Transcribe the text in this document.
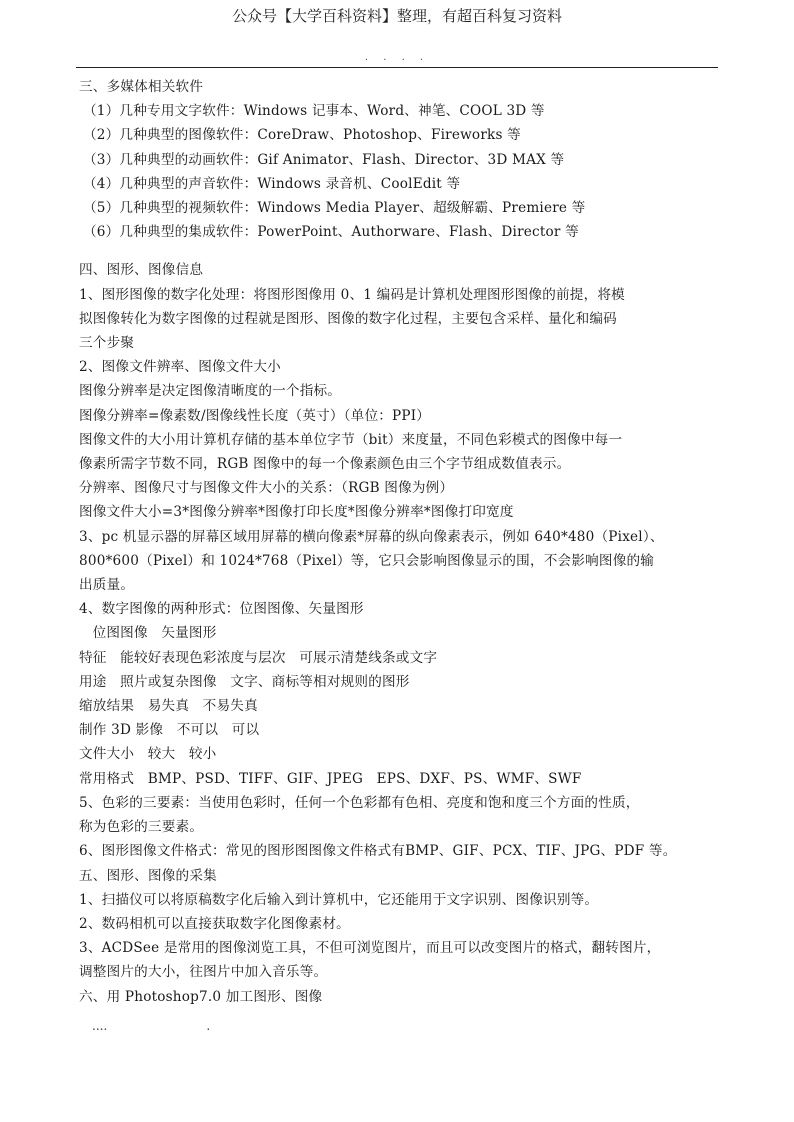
公众号【大学百科资料】整理，有超百科复习资料
. . . .

三、多媒体相关软件

（1）几种专用文字软件：Windows 记事本、Word、神笔、COOL 3D 等

（2）几种典型的图像软件：CoreDraw、Photoshop、Fireworks 等

（3）几种典型的动画软件：Gif Animator、Flash、Director、3D MAX 等

（4）几种典型的声音软件：Windows 录音机、CoolEdit 等

（5）几种典型的视频软件：Windows Media Player、超级解霸、Premiere 等

（6）几种典型的集成软件：PowerPoint、Authorware、Flash、Director 等

四、图形、图像信息

1、图形图像的数字化处理：将图形图像用 0、1 编码是计算机处理图形图像的前提，将模

拟图像转化为数字图像的过程就是图形、图像的数字化过程，主要包含采样、量化和编码

三个步聚

2、图像文件辨率、图像文件大小

图像分辨率是决定图像清晰度的一个指标。

图像分辨率=像素数/图像线性长度（英寸）（单位：PPI）

图像文件的大小用计算机存储的基本单位字节（bit）来度量，不同色彩模式的图像中每一

像素所需字节数不同，RGB 图像中的每一个像素颜色由三个字节组成数值表示。

分辨率、图像尺寸与图像文件大小的关系：（RGB 图像为例）

图像文件大小=3*图像分辨率*图像打印长度*图像分辨率*图像打印宽度

3、pc 机显示器的屏幕区域用屏幕的横向像素*屏幕的纵向像素表示，例如 640*480（Pixel）、

800*600（Pixel）和 1024*768（Pixel）等，它只会影响图像显示的围，不会影响图像的输

出质量。

4、数字图像的两种形式：位图图像、矢量图形

位图图像   矢量图形

特征   能较好表现色彩浓度与层次   可展示清楚线条或文字

用途   照片或复杂图像   文字、商标等相对规则的图形

缩放结果   易失真   不易失真

制作 3D 影像   不可以   可以

文件大小   较大   较小

常用格式   BMP、PSD、TIFF、GIF、JPEG   EPS、DXF、PS、WMF、SWF

5、色彩的三要素：当使用色彩时，任何一个色彩都有色相、亮度和饱和度三个方面的性质，

称为色彩的三要素。

6、图形图像文件格式：常见的图形图图像文件格式有BMP、GIF、PCX、TIF、JPG、PDF 等。

五、图形、图像的采集

1、扫描仪可以将原稿数字化后输入到计算机中，它还能用于文字识别、图像识别等。

2、数码相机可以直接获取数字化图像素材。

3、ACDSee 是常用的图像浏览工具，不但可浏览图片，而且可以改变图片的格式，翻转图片，

调整图片的大小，往图片中加入音乐等。

六、用 Photoshop7.0 加工图形、图像

....                          .
